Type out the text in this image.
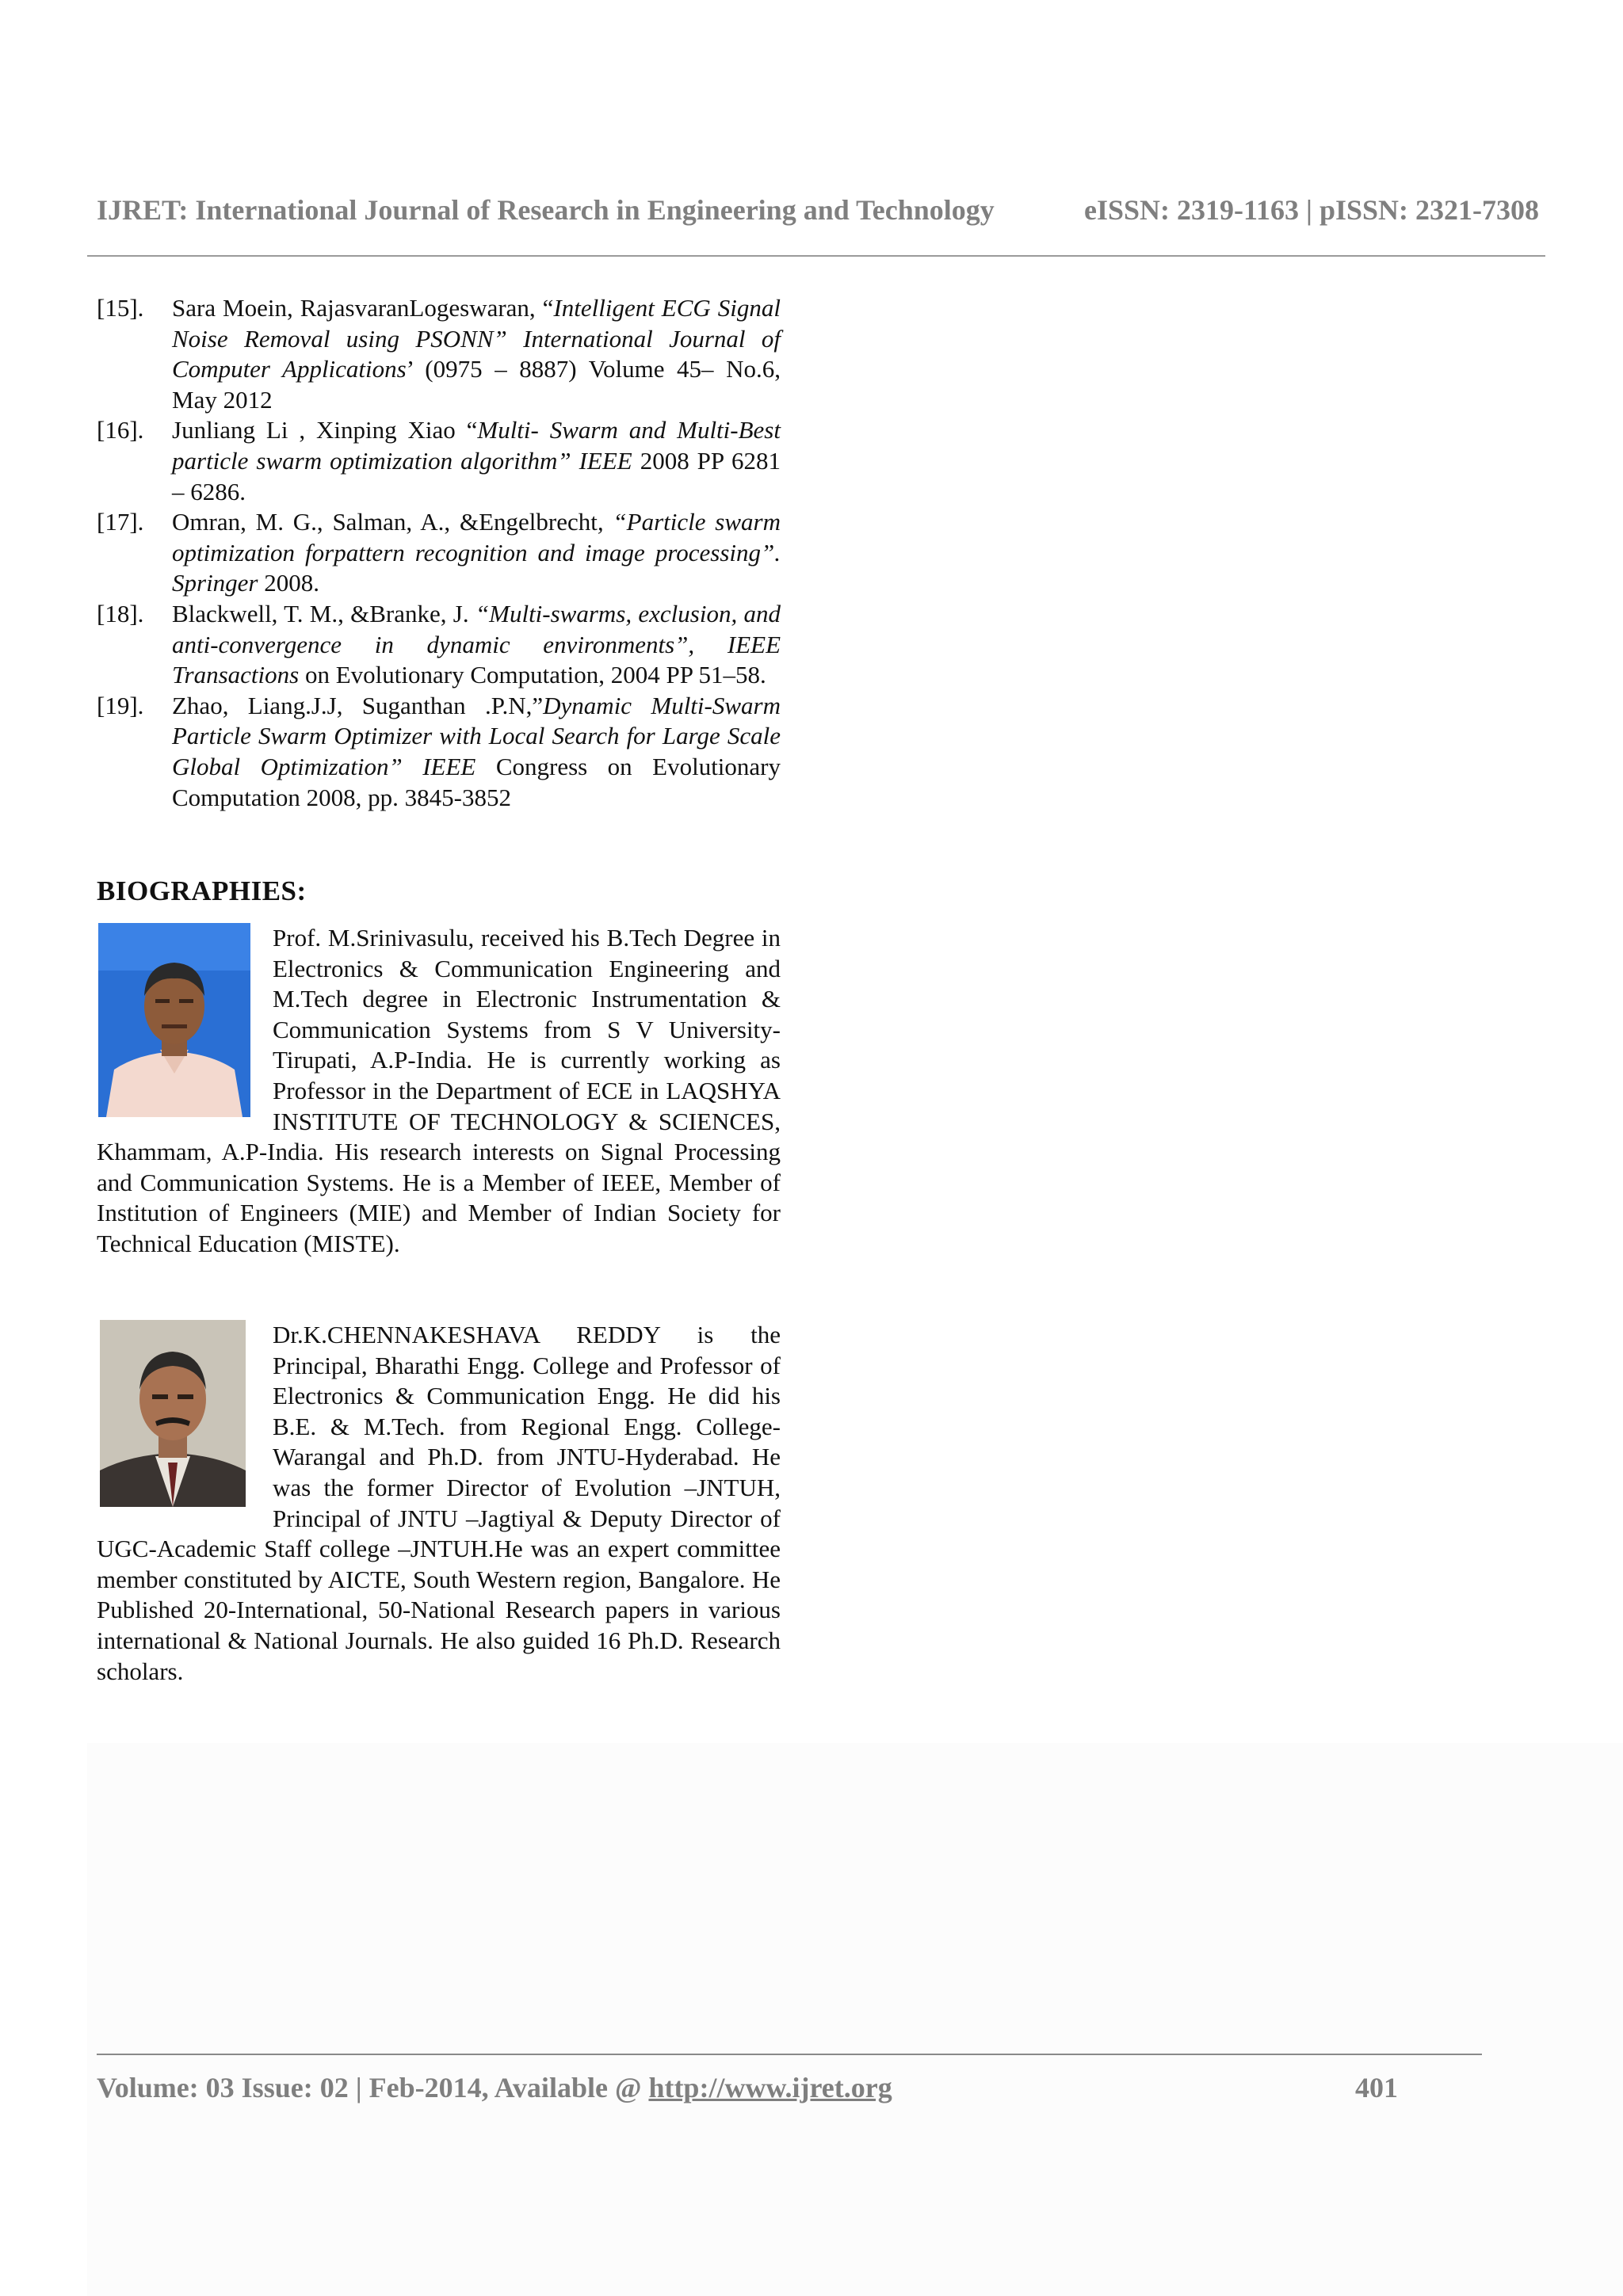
IJRET: International Journal of Research in Engineering and Technology	eISSN: 2319-1163 | pISSN: 2321-7308
[15].	Sara Moein, RajasvaranLogeswaran, “Intelligent ECG Signal Noise Removal using PSONN” International Journal of Computer Applications’ (0975 – 8887) Volume 45– No.6, May 2012
[16].	Junliang Li , Xinping Xiao “Multi- Swarm and Multi-Best particle swarm optimization algorithm” IEEE 2008 PP 6281 – 6286.
[17].	Omran, M. G., Salman, A., &Engelbrecht, “Particle swarm optimization forpattern recognition and image processing”. Springer 2008.
[18].	Blackwell, T. M., &Branke, J. “Multi-swarms, exclusion, and anti-convergence in dynamic environments”, IEEE Transactions on Evolutionary Computation, 2004 PP 51–58.
[19].	Zhao, Liang.J.J, Suganthan .P.N,”Dynamic Multi-Swarm Particle Swarm Optimizer with Local Search for Large Scale Global Optimization” IEEE Congress on Evolutionary Computation 2008, pp. 3845-3852
BIOGRAPHIES:
Prof. M.Srinivasulu, received his B.Tech Degree in Electronics & Communication Engineering and M.Tech degree in Electronic Instrumentation & Communication Systems from S V University-Tirupati, A.P-India. He is currently working as Professor in the Department of ECE in LAQSHYA INSTITUTE OF TECHNOLOGY & SCIENCES, Khammam, A.P-India. His research interests on Signal Processing and Communication Systems. He is a Member of IEEE, Member of Institution of Engineers (MIE) and Member of Indian Society for Technical Education (MISTE).
Dr.K.CHENNAKESHAVA REDDY is the Principal, Bharathi Engg. College and Professor of Electronics & Communication Engg. He did his B.E. & M.Tech. from Regional Engg. College-Warangal and Ph.D. from JNTU-Hyderabad. He was the former Director of Evolution –JNTUH, Principal of JNTU –Jagtiyal & Deputy Director of UGC-Academic Staff college –JNTUH.He was an expert committee member constituted by AICTE, South Western region, Bangalore. He Published 20-International, 50-National Research papers in various international & National Journals. He also guided 16 Ph.D. Research scholars.
Volume: 03 Issue: 02 | Feb-2014, Available @ http://www.ijret.org	401
